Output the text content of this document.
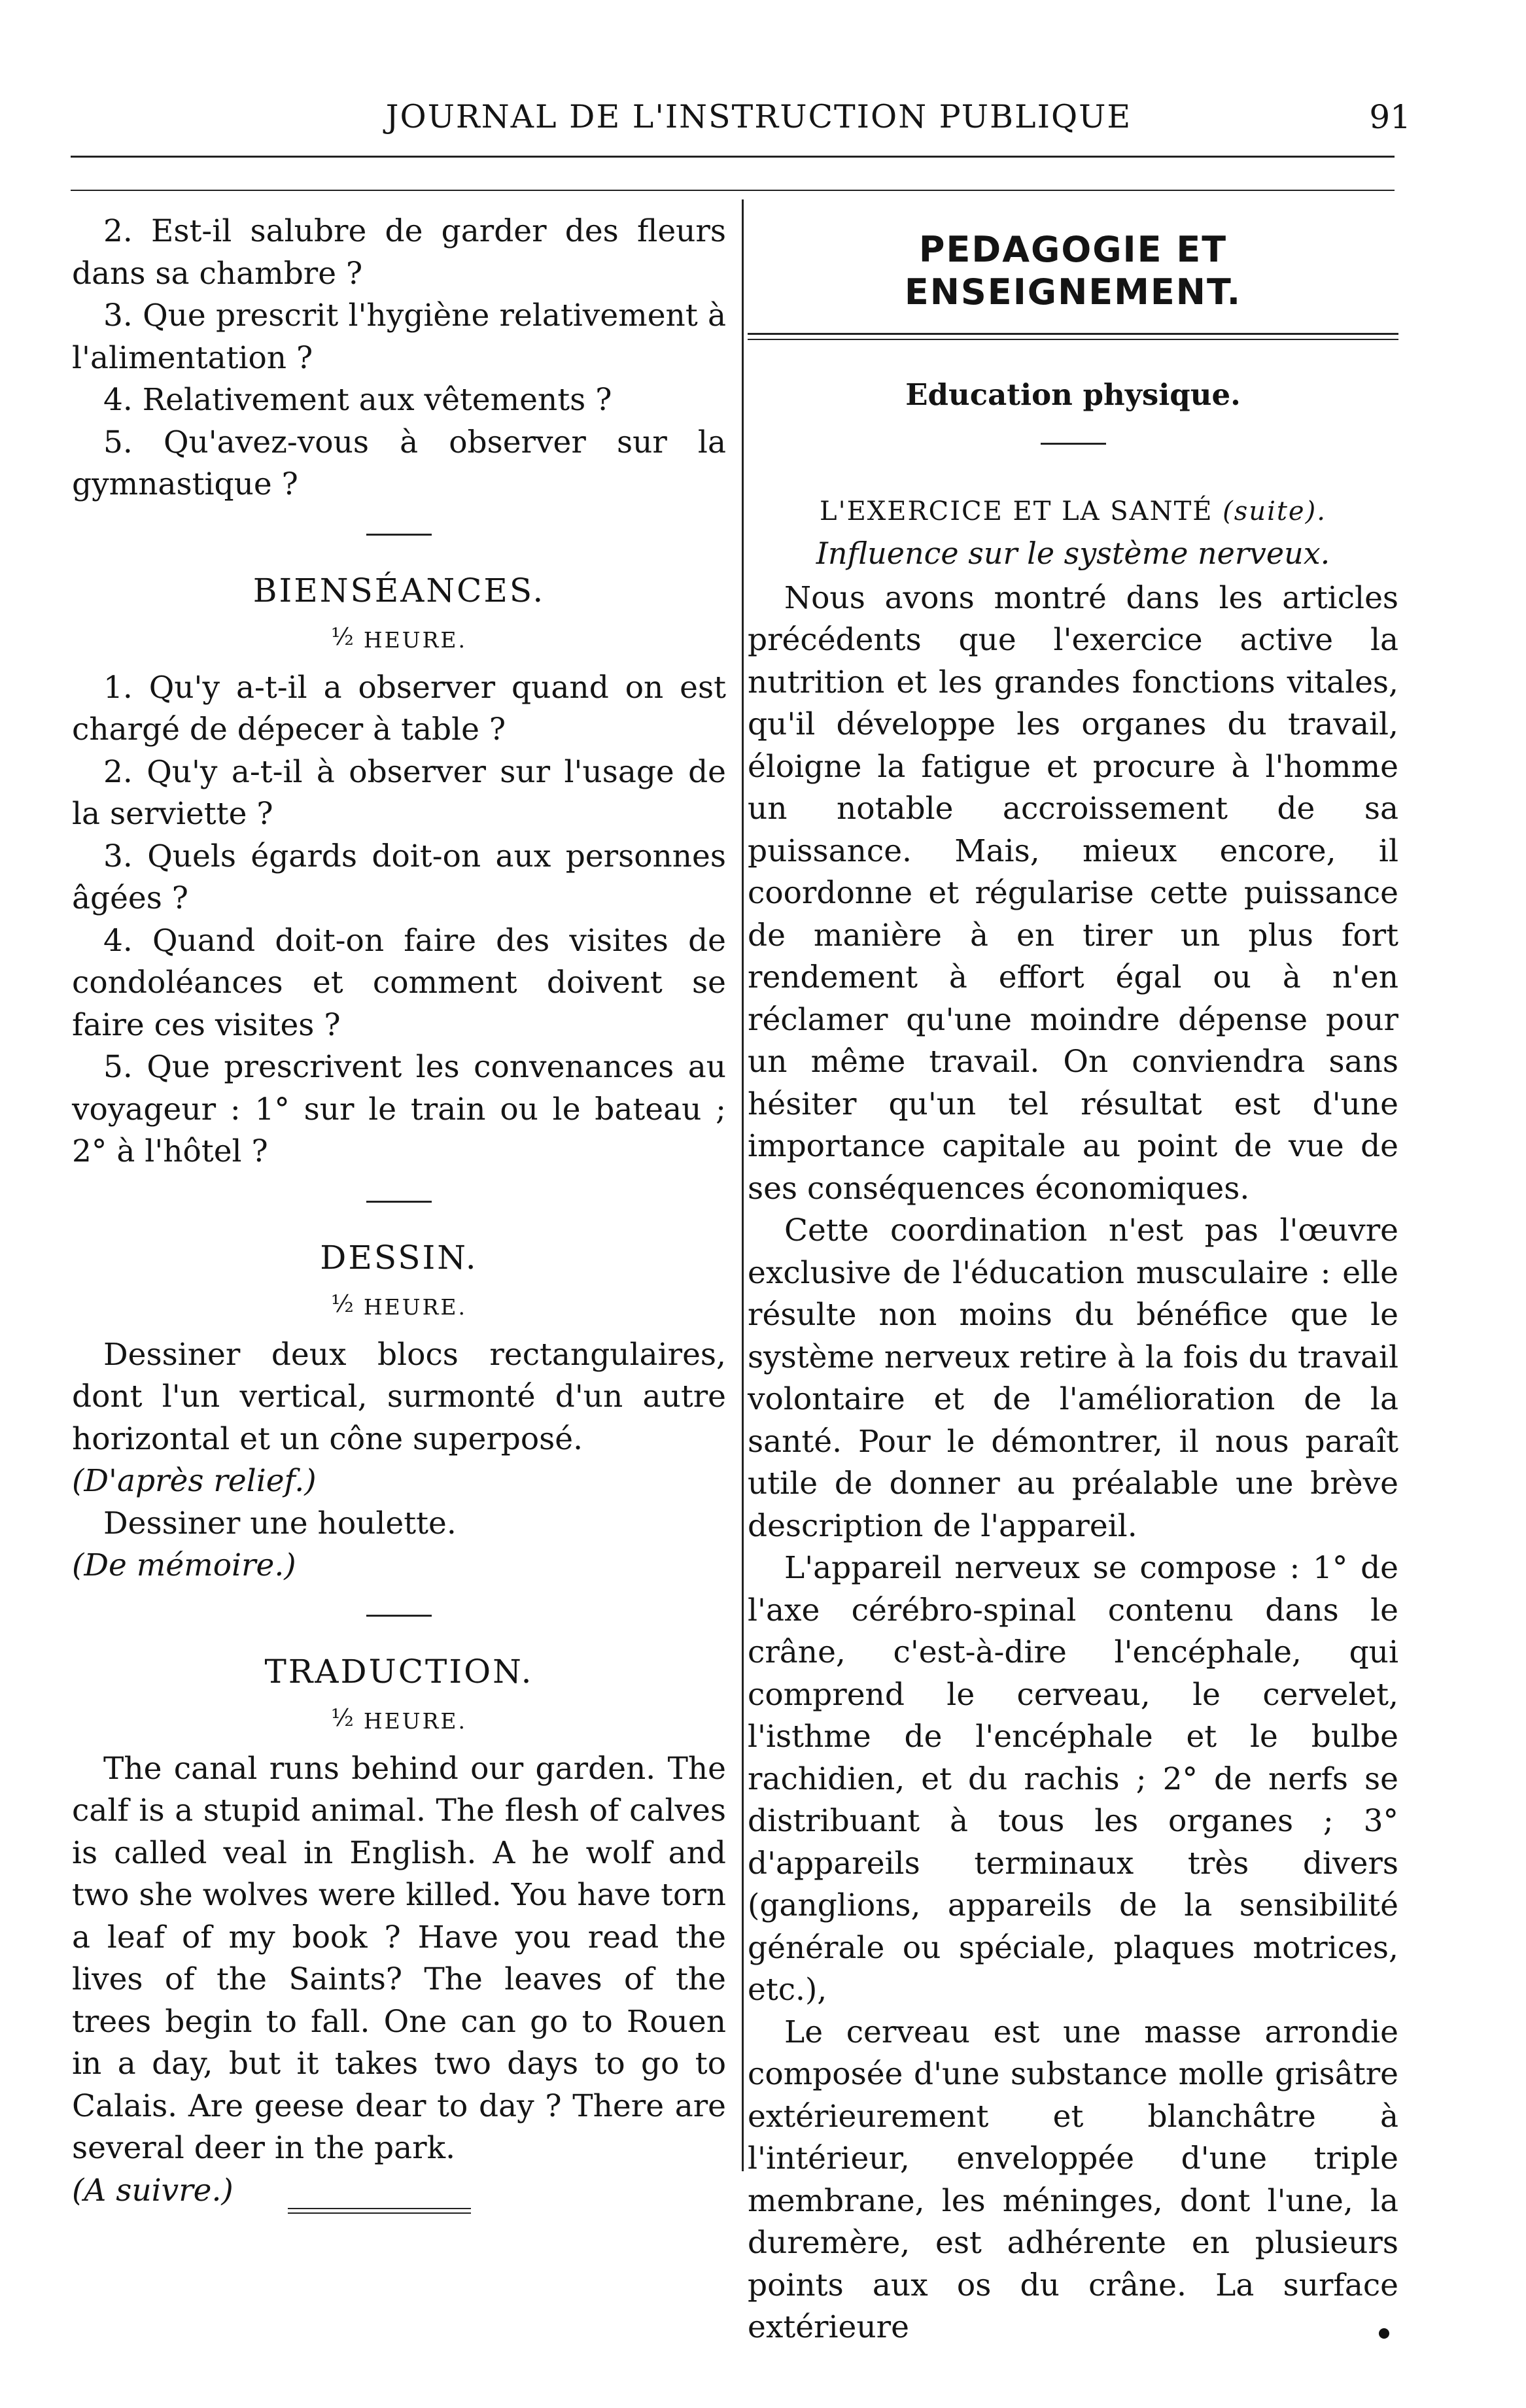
JOURNAL DE L'INSTRUCTION PUBLIQUE	91

2. Est-il salubre de garder des fleurs dans sa chambre ?

3. Que prescrit l'hygiène relativement à l'alimentation ?

4. Relativement aux vêtements ?

5. Qu'avez-vous à observer sur la gymnastique ?

BIENSÉANCES.
½ HEURE.

1. Qu'y a-t-il a observer quand on est chargé de dépecer à table ?

2. Qu'y a-t-il à observer sur l'usage de la serviette ?

3. Quels égards doit-on aux personnes âgées ?

4. Quand doit-on faire des visites de condoléances et comment doivent se faire ces visites ?

5. Que prescrivent les convenances au voyageur : 1° sur le train ou le bateau ; 2° à l'hôtel ?

DESSIN.
½ HEURE.

Dessiner deux blocs rectangulaires, dont l'un vertical, surmonté d'un autre horizontal et un cône superposé.

(D'après relief.)

Dessiner une houlette.

(De mémoire.)

TRADUCTION.
½ HEURE.

The canal runs behind our garden. The calf is a stupid animal. The flesh of calves is called veal in English. A he wolf and two she wolves were killed. You have torn a leaf of my book ? Have you read the lives of the Saints? The leaves of the trees begin to fall. One can go to Rouen in a day, but it takes two days to go to Calais. Are geese dear to day ? There are several deer in the park.

(A suivre.)

PEDAGOGIE ET ENSEIGNEMENT.
Education physique.
L'EXERCICE ET LA SANTÉ (suite).
Influence sur le système nerveux.

Nous avons montré dans les articles précédents que l'exercice active la nutrition et les grandes fonctions vitales, qu'il développe les organes du travail, éloigne la fatigue et procure à l'homme un notable accroissement de sa puissance. Mais, mieux encore, il coordonne et régularise cette puissance de manière à en tirer un plus fort rendement à effort égal ou à n'en réclamer qu'une moindre dépense pour un même travail. On conviendra sans hésiter qu'un tel résultat est d'une importance capitale au point de vue de ses conséquences économiques.

Cette coordination n'est pas l'œuvre exclusive de l'éducation musculaire : elle résulte non moins du bénéfice que le système nerveux retire à la fois du travail volontaire et de l'amélioration de la santé. Pour le démontrer, il nous paraît utile de donner au préalable une brève description de l'appareil.

L'appareil nerveux se compose : 1° de l'axe cérébro-spinal contenu dans le crâne, c'est-à-dire l'encéphale, qui comprend le cerveau, le cervelet, l'isthme de l'encéphale et le bulbe rachidien, et du rachis ; 2° de nerfs se distribuant à tous les organes ; 3° d'appareils terminaux très divers (ganglions, appareils de la sensibilité générale ou spéciale, plaques motrices, etc.),

Le cerveau est une masse arrondie composée d'une substance molle grisâtre extérieurement et blanchâtre à l'intérieur, enveloppée d'une triple membrane, les méninges, dont l'une, la duremère, est adhérente en plusieurs points aux os du crâne. La surface extérieure
